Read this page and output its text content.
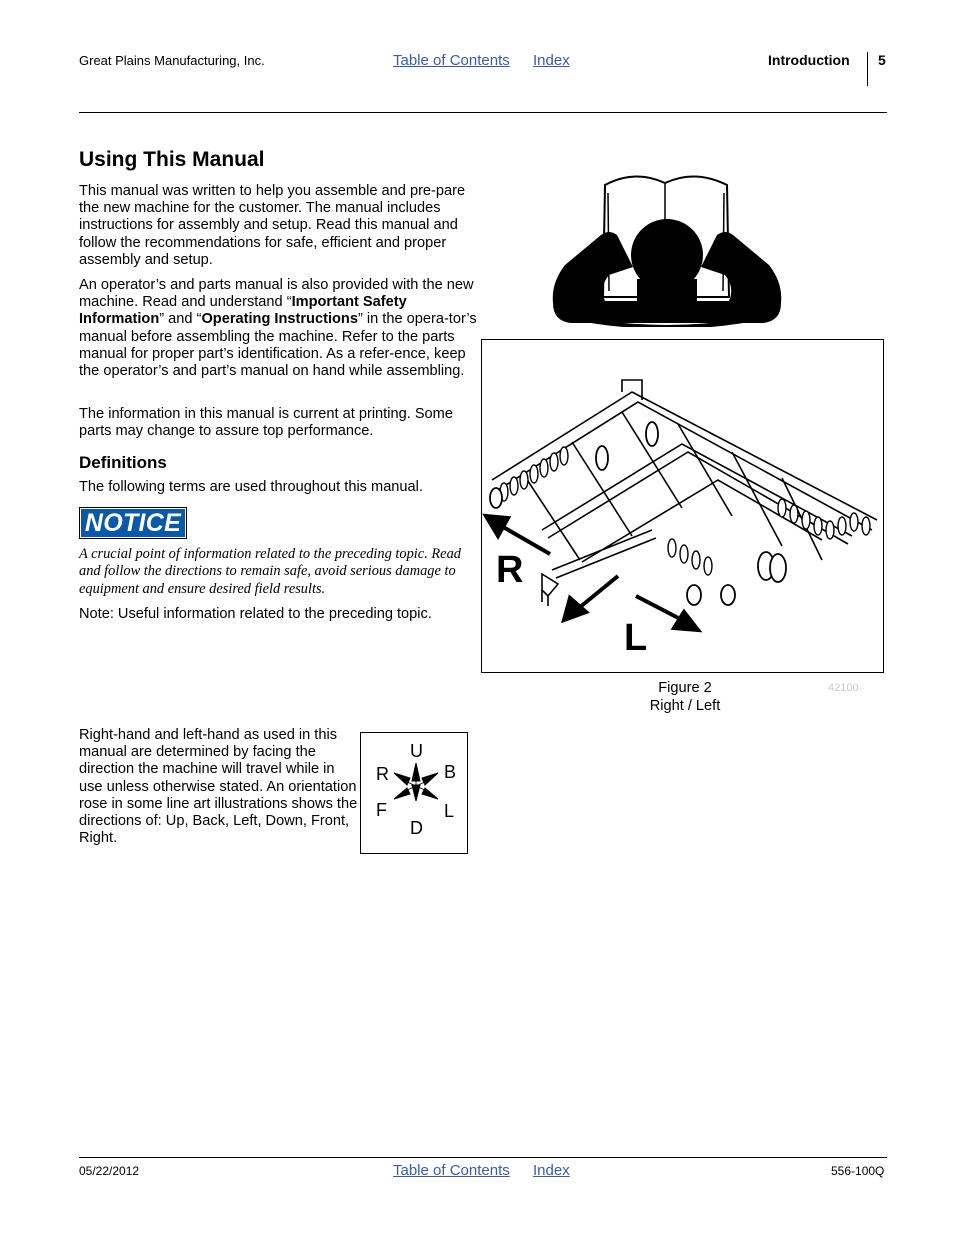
Great Plains Manufacturing, Inc.	Table of Contents Index	Introduction 5
Using This Manual
This manual was written to help you assemble and pre-pare the new machine for the customer. The manual includes instructions for assembly and setup. Read this manual and follow the recommendations for safe, efficient and proper assembly and setup.
An operator’s and parts manual is also provided with the new machine. Read and understand “Important Safety Information” and “Operating Instructions” in the opera-tor’s manual before assembling the machine. Refer to the parts manual for proper part’s identification. As a refer-ence, keep the operator’s and part’s manual on hand while assembling.
The information in this manual is current at printing. Some parts may change to assure top performance.
Definitions
The following terms are used throughout this manual.
NOTICE
A crucial point of information related to the preceding topic. Read and follow the directions to remain safe, avoid serious damage to equipment and ensure desired field results.
Note: Useful information related to the preceding topic.
R
L
Figure 2
Right / Left
42100
Right-hand and left-hand as used in this manual are determined by facing the direction the machine will travel while in use unless otherwise stated. An orientation rose in some line art illustrations shows the directions of: Up, Back, Left, Down, Front, Right.
U
D
R	B
F	L
05/22/2012	Table of Contents Index	556-100Q
